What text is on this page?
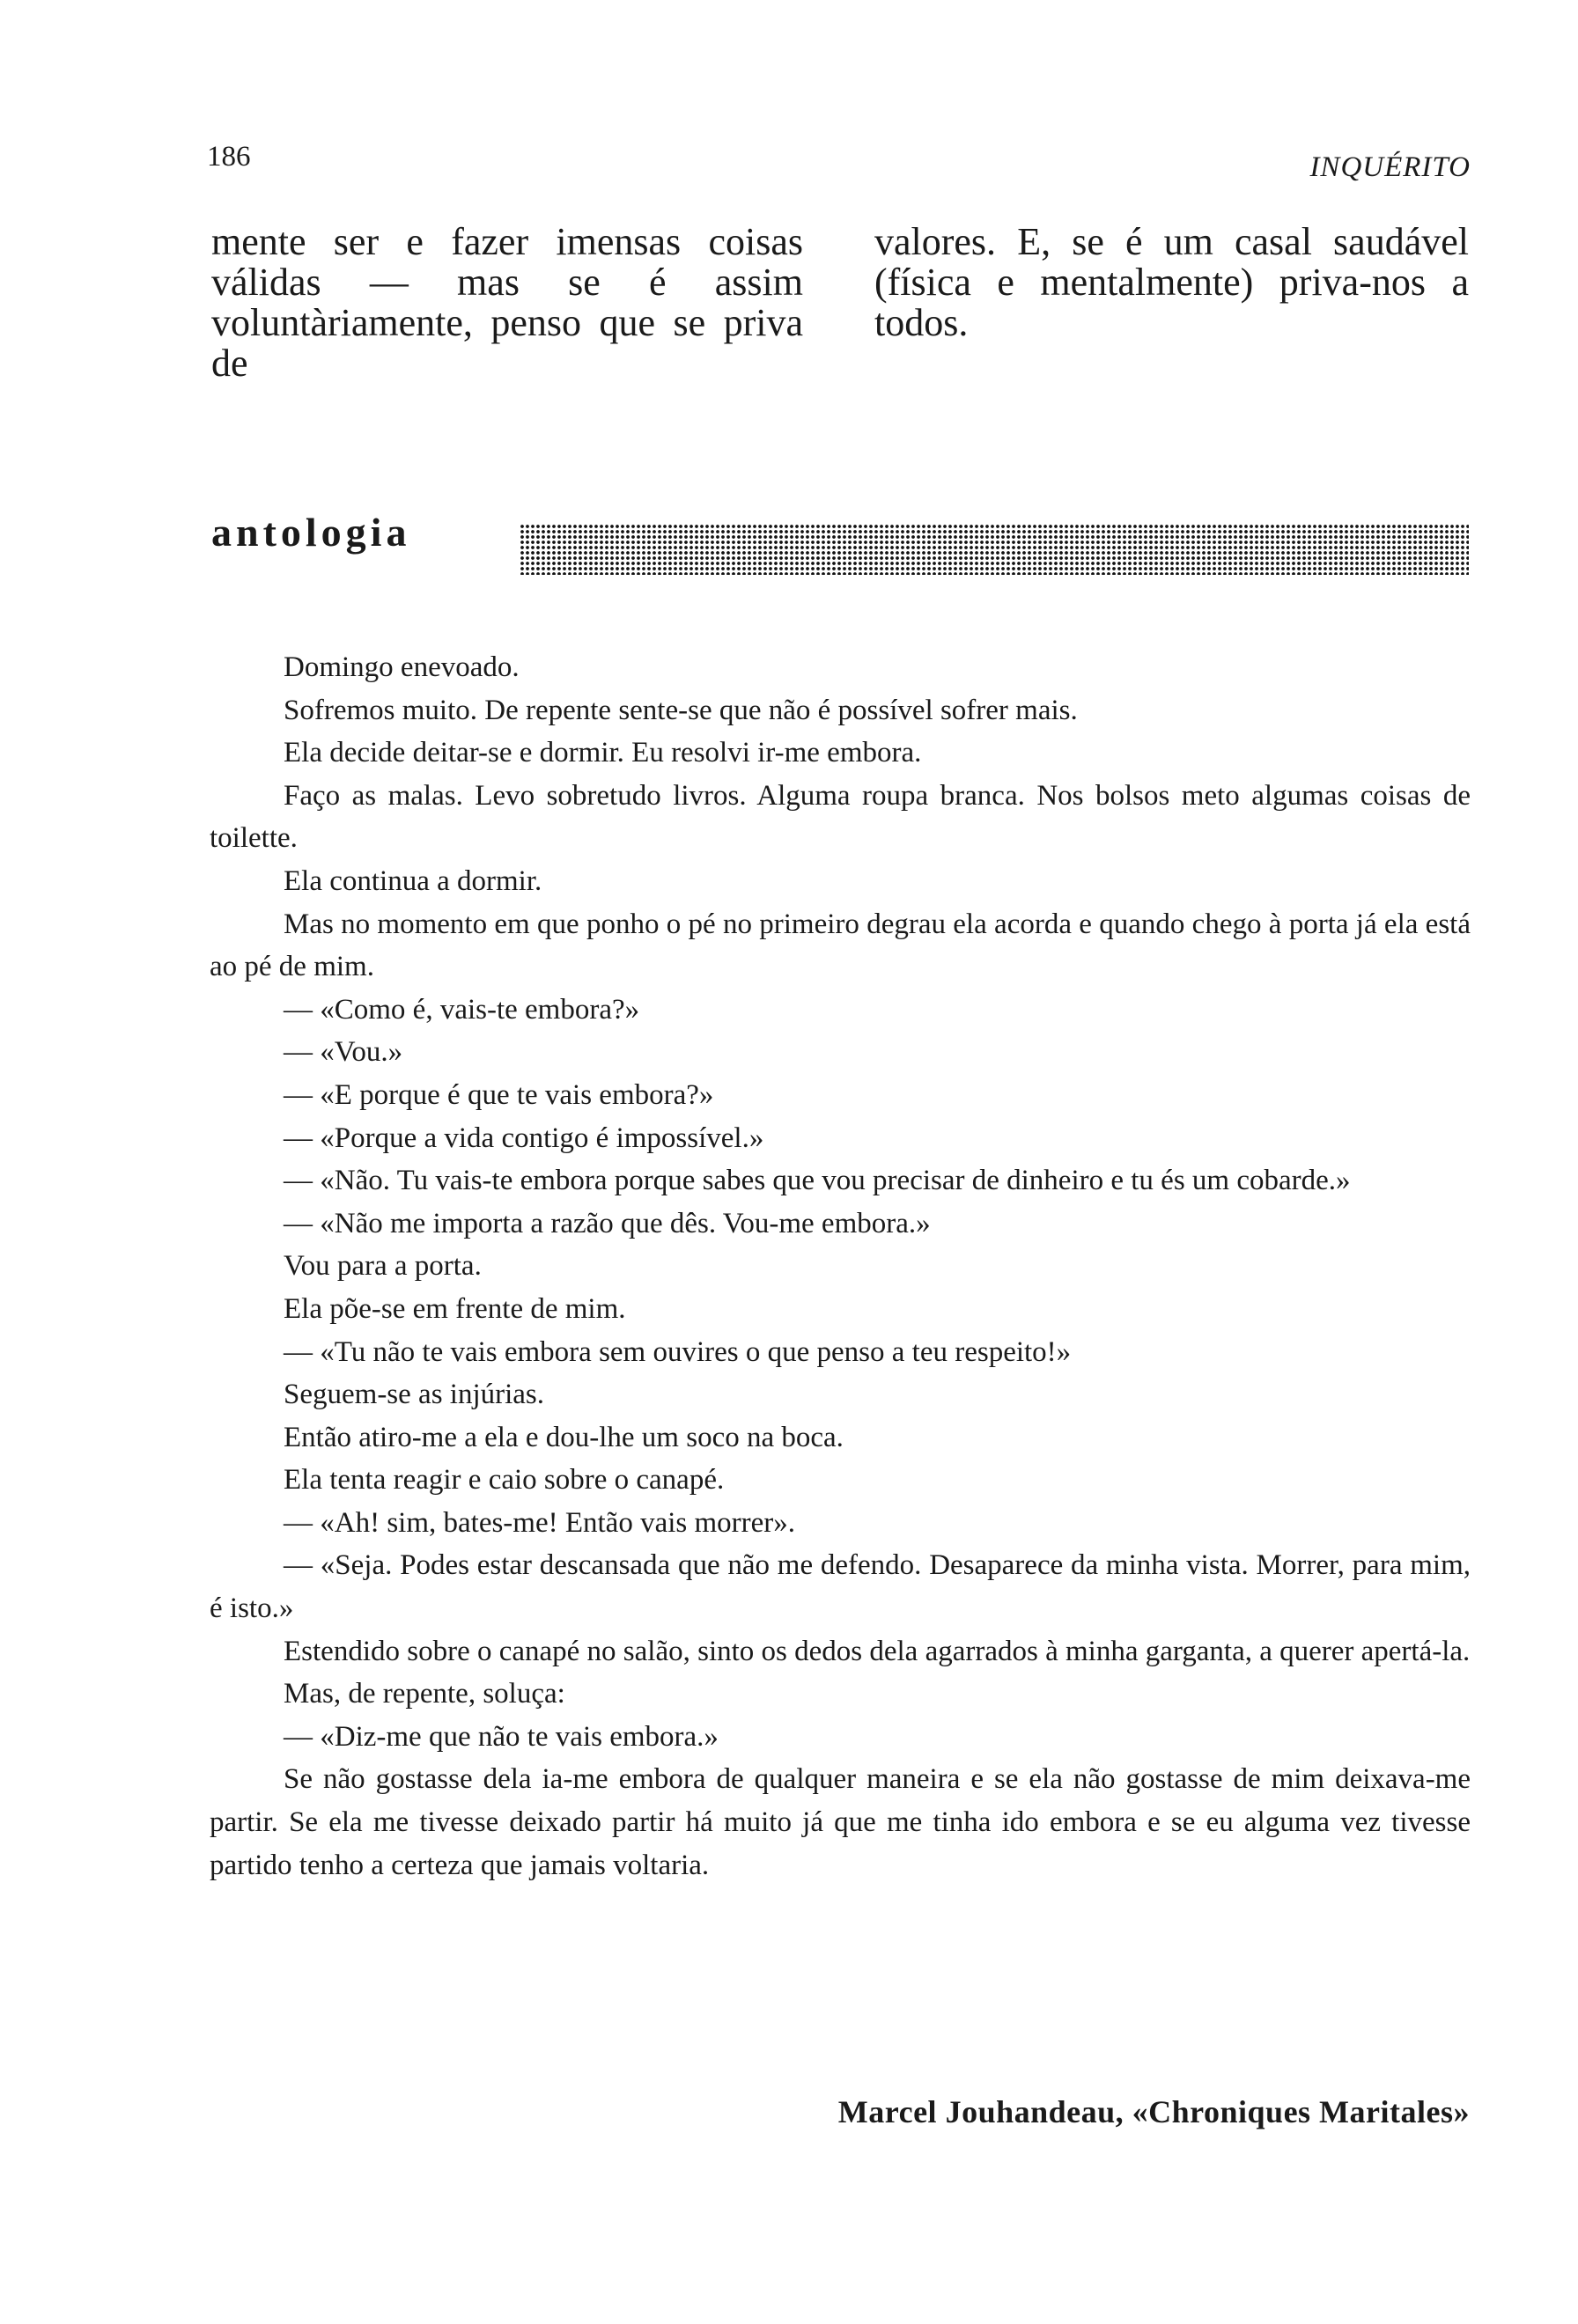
186	INQUÉRITO

mente ser e fazer imensas coisas válidas — mas se é assim voluntàriamente, penso que se priva de

valores. E, se é um casal saudável (física e mentalmente) priva-nos a todos.

antologia

Domingo enevoado.

Sofremos muito. De repente sente-se que não é possível sofrer mais.

Ela decide deitar-se e dormir. Eu resolvi ir-me embora.

Faço as malas. Levo sobretudo livros. Alguma roupa branca. Nos bolsos meto algumas coisas de toilette.

Ela continua a dormir.

Mas no momento em que ponho o pé no primeiro degrau ela acorda e quando chego à porta já ela está ao pé de mim.

— «Como é, vais-te embora?»

— «Vou.»

— «E porque é que te vais embora?»

— «Porque a vida contigo é impossível.»

— «Não. Tu vais-te embora porque sabes que vou precisar de dinheiro e tu és um cobarde.»

— «Não me importa a razão que dês. Vou-me embora.»

Vou para a porta.

Ela põe-se em frente de mim.

— «Tu não te vais embora sem ouvires o que penso a teu respeito!»

Seguem-se as injúrias.

Então atiro-me a ela e dou-lhe um soco na boca.

Ela tenta reagir e caio sobre o canapé.

— «Ah! sim, bates-me! Então vais morrer».

— «Seja. Podes estar descansada que não me defendo. Desaparece da minha vista. Morrer, para mim, é isto.»

Estendido sobre o canapé no salão, sinto os dedos dela agarrados à minha garganta, a querer apertá-la.

Mas, de repente, soluça:

— «Diz-me que não te vais embora.»

Se não gostasse dela ia-me embora de qualquer maneira e se ela não gostasse de mim deixava-me partir. Se ela me tivesse deixado partir há muito já que me tinha ido embora e se eu alguma vez tivesse partido tenho a certeza que jamais voltaria.

Marcel Jouhandeau, «Chroniques Maritales»
